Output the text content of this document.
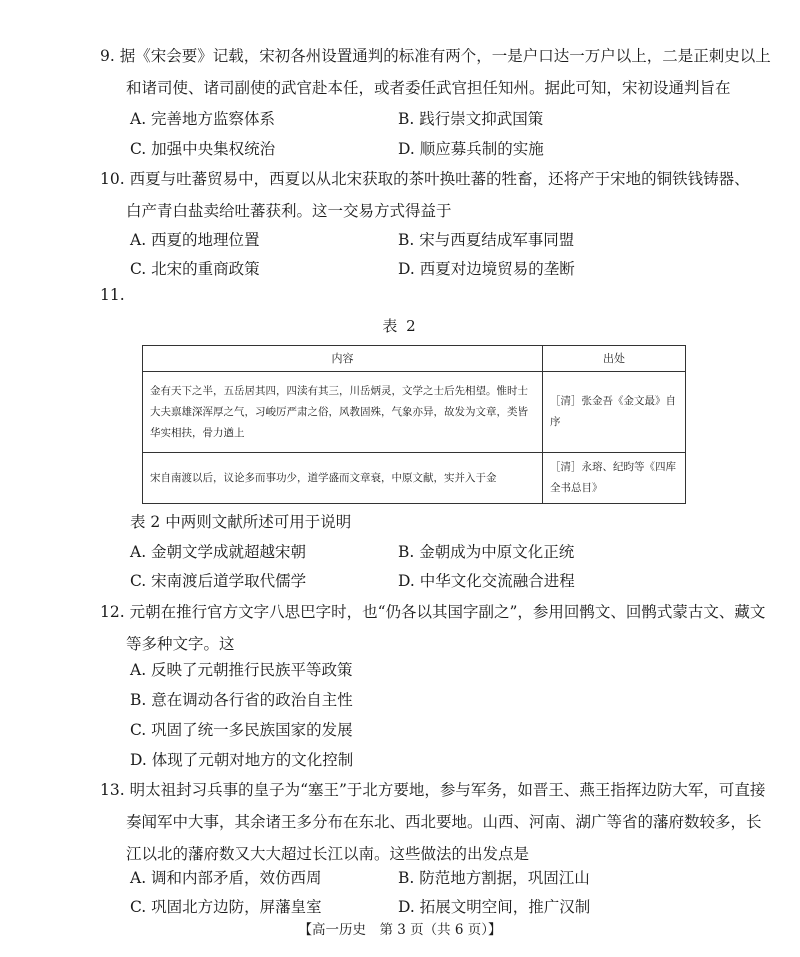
9. 据《宋会要》记载，宋初各州设置通判的标准有两个，一是户口达一万户以上，二是正刺史以上
和诸司使、诸司副使的武官赴本任，或者委任武官担任知州。据此可知，宋初设通判旨在
A. 完善地方监察体系	B. 践行崇文抑武国策
C. 加强中央集权统治	D. 顺应募兵制的实施
10. 西夏与吐蕃贸易中，西夏以从北宋获取的茶叶换吐蕃的牲畜，还将产于宋地的铜铁钱铸器、
白产青白盐卖给吐蕃获利。这一交易方式得益于
A. 西夏的地理位置	B. 宋与西夏结成军事同盟
C. 北宋的重商政策	D. 西夏对边境贸易的垄断
11.
表 2
内容	出处
金有天下之半，五岳居其四，四渎有其三，川岳炳灵，文学之士后先相望。惟时士大夫禀雄深浑厚之气，习峻厉严肃之俗，风教固殊，气象亦异，故发为文章，类皆华实相扶，骨力遒上	［清］张金吾《金文最》自序
宋自南渡以后，议论多而事功少，道学盛而文章衰，中原文献，实并入于金	［清］永瑢、纪昀等《四库全书总目》
表 2 中两则文献所述可用于说明
A. 金朝文学成就超越宋朝	B. 金朝成为中原文化正统
C. 宋南渡后道学取代儒学	D. 中华文化交流融合进程
12. 元朝在推行官方文字八思巴字时，也“仍各以其国字副之”，参用回鹘文、回鹘式蒙古文、藏文
等多种文字。这
A. 反映了元朝推行民族平等政策
B. 意在调动各行省的政治自主性
C. 巩固了统一多民族国家的发展
D. 体现了元朝对地方的文化控制
13. 明太祖封习兵事的皇子为“塞王”于北方要地，参与军务，如晋王、燕王指挥边防大军，可直接
奏闻军中大事，其余诸王多分布在东北、西北要地。山西、河南、湖广等省的藩府数较多，长
江以北的藩府数又大大超过长江以南。这些做法的出发点是
A. 调和内部矛盾，效仿西周	B. 防范地方割据，巩固江山
C. 巩固北方边防，屏藩皇室	D. 拓展文明空间，推广汉制
【高一历史　第 3 页（共 6 页）】
